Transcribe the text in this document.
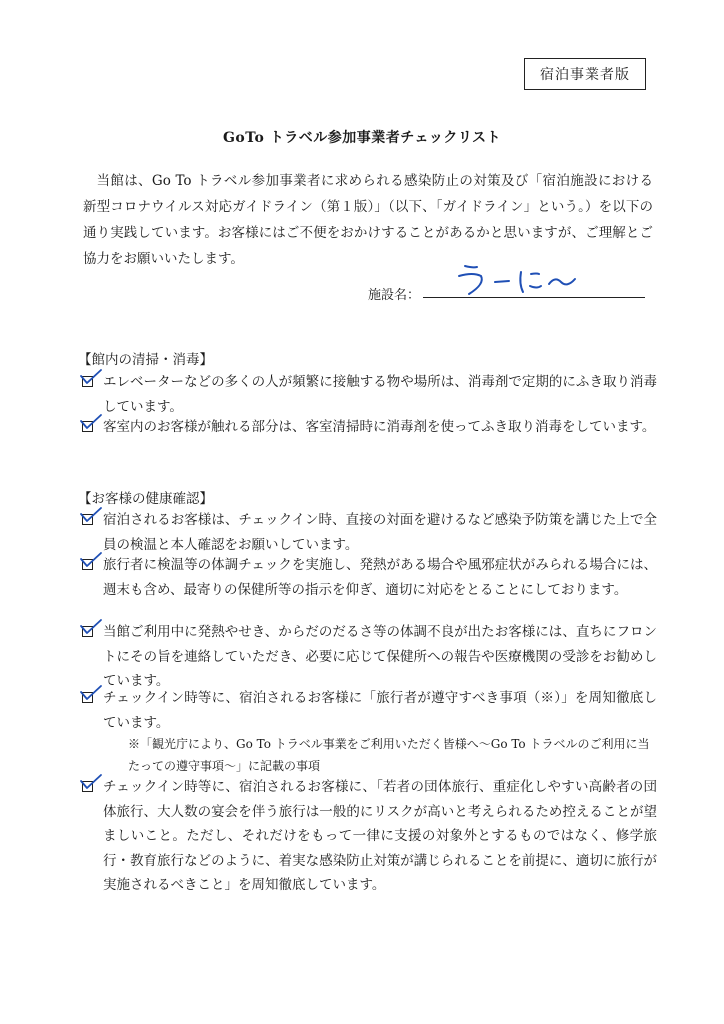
宿泊事業者版
GoTo トラベル参加事業者チェックリスト
当館は、Go To トラベル参加事業者に求められる感染防止の対策及び「宿泊施設における新型コロナウイルス対応ガイドライン（第１版）」（以下、「ガイドライン」という。）を以下の通り実践しています。お客様にはご不便をおかけすることがあるかと思いますが、ご理解とご協力をお願いいたします。
施設名：
【館内の清掃・消毒】
エレベーターなどの多くの人が頻繁に接触する物や場所は、消毒剤で定期的にふき取り消毒しています。
客室内のお客様が触れる部分は、客室清掃時に消毒剤を使ってふき取り消毒をしています。
【お客様の健康確認】
宿泊されるお客様は、チェックイン時、直接の対面を避けるなど感染予防策を講じた上で全員の検温と本人確認をお願いしています。
旅行者に検温等の体調チェックを実施し、発熱がある場合や風邪症状がみられる場合には、週末も含め、最寄りの保健所等の指示を仰ぎ、適切に対応をとることにしております。
当館ご利用中に発熱やせき、からだのだるさ等の体調不良が出たお客様には、直ちにフロントにその旨を連絡していただき、必要に応じて保健所への報告や医療機関の受診をお勧めしています。
チェックイン時等に、宿泊されるお客様に「旅行者が遵守すべき事項（※）」を周知徹底しています。
※「観光庁により、Go To トラベル事業をご利用いただく皆様へ～Go To トラベルのご利用に当たっての遵守事項～」に記載の事項
チェックイン時等に、宿泊されるお客様に、「若者の団体旅行、重症化しやすい高齢者の団体旅行、大人数の宴会を伴う旅行は一般的にリスクが高いと考えられるため控えることが望ましいこと。ただし、それだけをもって一律に支援の対象外とするものではなく、修学旅行・教育旅行などのように、着実な感染防止対策が講じられることを前提に、適切に旅行が実施されるべきこと」を周知徹底しています。
